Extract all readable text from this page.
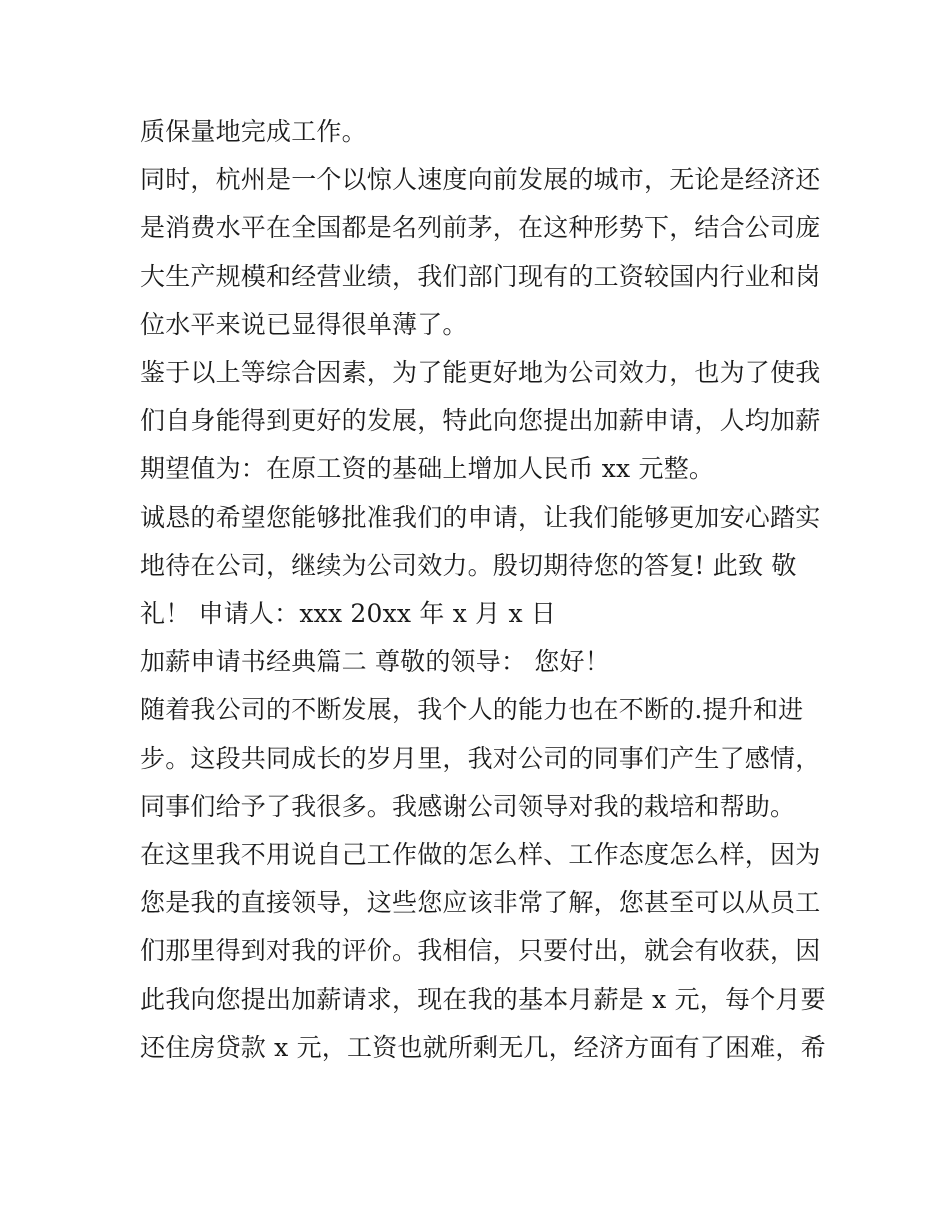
质保量地完成工作。
同时，杭州是一个以惊人速度向前发展的城市，无论是经济还
是消费水平在全国都是名列前茅，在这种形势下，结合公司庞
大生产规模和经营业绩，我们部门现有的工资较国内行业和岗
位水平来说已显得很单薄了。
鉴于以上等综合因素，为了能更好地为公司效力，也为了使我
们自身能得到更好的发展，特此向您提出加薪申请，人均加薪
期望值为：在原工资的基础上增加人民币 xx 元整。
诚恳的希望您能够批准我们的申请，让我们能够更加安心踏实
地待在公司，继续为公司效力。殷切期待您的答复! 此致 敬
礼！ 申请人：xxx 20xx 年 x 月 x 日
加薪申请书经典篇二 尊敬的领导： 您好！
随着我公司的不断发展，我个人的能力也在不断的.提升和进
步。这段共同成长的岁月里，我对公司的同事们产生了感情，
同事们给予了我很多。我感谢公司领导对我的栽培和帮助。
在这里我不用说自己工作做的怎么样、工作态度怎么样，因为
您是我的直接领导，这些您应该非常了解，您甚至可以从员工
们那里得到对我的评价。我相信，只要付出，就会有收获，因
此我向您提出加薪请求，现在我的基本月薪是 x 元，每个月要
还住房贷款 x 元，工资也就所剩无几，经济方面有了困难，希
